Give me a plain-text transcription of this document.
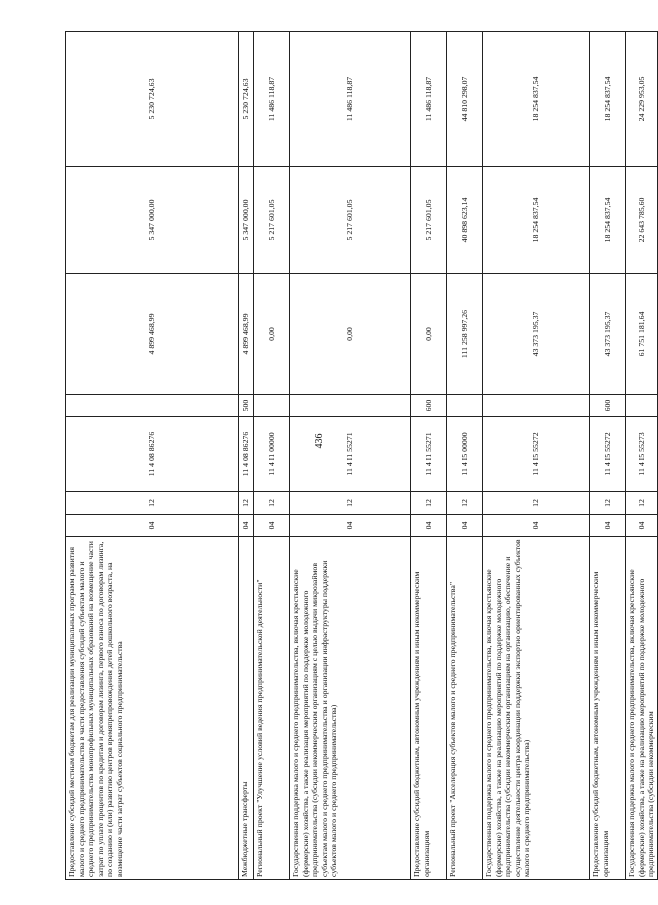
436
Предоставление субсидий местным бюджетам для реализации муниципальных программ развития малого и среднего предпринимательства в части предоставления субсидий субъектам малого и среднего предпринимательства монопрофильных муниципальных образований на возмещение части затрат по уплате процентов по кредитам и договорам лизинга, первого взноса по договорам лизинга, по созданию и (или) развитию центров времяпрепровождения детей дошкольного возраста, на возмещение части затрат субъектов социального предпринимательства	04	12	11 4 08 86276		4 899 468,99	5 347 000,00	5 230 724,63
Межбюджетные трансферты	04	12	11 4 08 86276	500	4 899 468,99	5 347 000,00	5 230 724,63
Региональный проект "Улучшение условий ведения предпринимательской деятельности"	04	12	11 4 I1 00000		0,00	5 217 601,05	11 486 118,87
Государственная поддержка малого и среднего предпринимательства, включая крестьянские (фермерские) хозяйства, а также реализация мероприятий по поддержке молодежного предпринимательства (субсидии некоммерческим организациям с целью выдачи микрозаймов субъектам малого и среднего предпринимательства и организации инфраструктуры поддержки субъектов малого и среднего предпринимательства)	04	12	11 4 I1 55271		0,00	5 217 601,05	11 486 118,87
Предоставление субсидий бюджетным, автономным учреждениям и иным некоммерческим организациям	04	12	11 4 I1 55271	600	0,00	5 217 601,05	11 486 118,87
Региональный проект "Акселерация субъектов малого и среднего предпринимательства"	04	12	11 4 I5 00000		111 258 997,26	40 898 623,14	44 810 298,07
Государственная поддержка малого и среднего предпринимательства, включая крестьянские (фермерские) хозяйства, а также на реализацию мероприятий по поддержке молодежного предпринимательства (субсидии некоммерческим организациям на организацию, обеспечение и осуществление деятельности центра координации поддержки экспортно ориентированных субъектов малого и среднего предпринимательства)	04	12	11 4 I5 55272		43 373 195,37	18 254 837,54	18 254 837,54
Предоставление субсидий бюджетным, автономным учреждениям и иным некоммерческим организациям	04	12	11 4 I5 55272	600	43 373 195,37	18 254 837,54	18 254 837,54
Государственная поддержка малого и среднего предпринимательства, включая крестьянские (фермерские) хозяйства, а также на реализацию мероприятий по поддержке молодежного предпринимательства (субсидии некоммерческим	04	12	11 4 I5 55273		61 751 181,64	22 643 785,60	24 229 953,05
